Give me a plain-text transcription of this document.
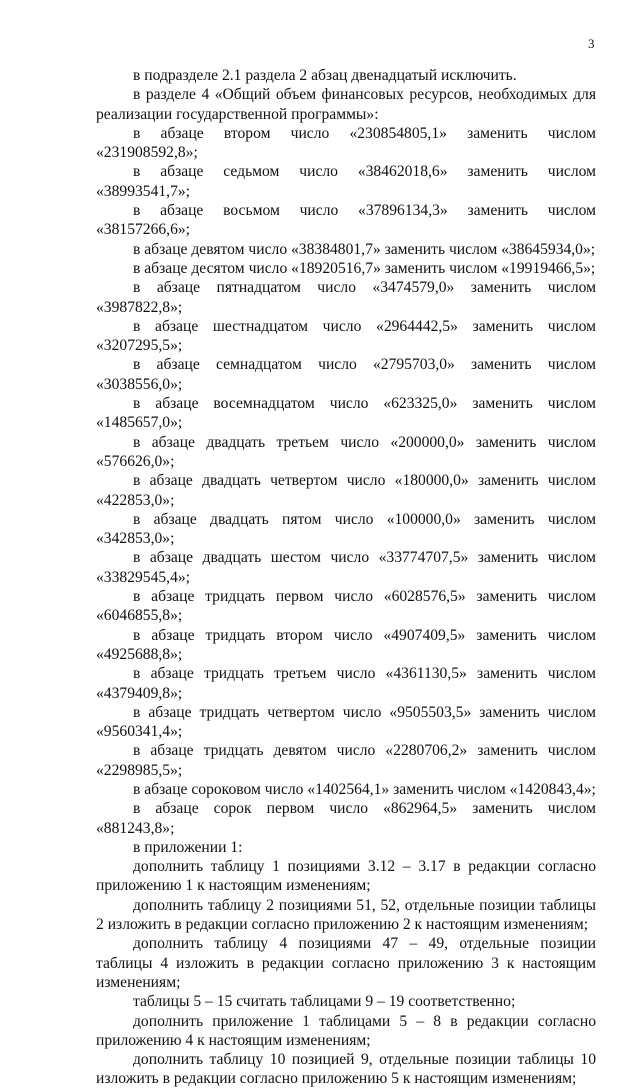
3

в подразделе 2.1 раздела 2 абзац двенадцатый исключить.

в разделе 4 «Общий объем финансовых ресурсов, необходимых для реализации государственной программы»:

в абзаце втором число «230854805,1» заменить числом «231908592,8»;

в абзаце седьмом число «38462018,6» заменить числом «38993541,7»;

в абзаце восьмом число «37896134,3» заменить числом «38157266,6»;

в абзаце девятом число «38384801,7» заменить числом «38645934,0»;

в абзаце десятом число «18920516,7» заменить числом «19919466,5»;

в абзаце пятнадцатом число «3474579,0» заменить числом «3987822,8»;

в абзаце шестнадцатом число «2964442,5» заменить числом «3207295,5»;

в абзаце семнадцатом число «2795703,0» заменить числом «3038556,0»;

в абзаце восемнадцатом число «623325,0» заменить числом «1485657,0»;

в абзаце двадцать третьем число «200000,0» заменить числом «576626,0»;

в абзаце двадцать четвертом число «180000,0» заменить числом «422853,0»;

в абзаце двадцать пятом число «100000,0» заменить числом «342853,0»;

в абзаце двадцать шестом число «33774707,5» заменить числом «33829545,4»;

в абзаце тридцать первом число «6028576,5» заменить числом «6046855,8»;

в абзаце тридцать втором число «4907409,5» заменить числом «4925688,8»;

в абзаце тридцать третьем число «4361130,5» заменить числом «4379409,8»;

в абзаце тридцать четвертом число «9505503,5» заменить числом «9560341,4»;

в абзаце тридцать девятом число «2280706,2» заменить числом «2298985,5»;

в абзаце сороковом число «1402564,1» заменить числом «1420843,4»;

в абзаце сорок первом число «862964,5» заменить числом «881243,8»;

в приложении 1:

дополнить таблицу 1 позициями 3.12 – 3.17 в редакции согласно приложению 1 к настоящим изменениям;

дополнить таблицу 2 позициями 51, 52, отдельные позиции таблицы 2 изложить в редакции согласно приложению 2 к настоящим изменениям;

дополнить таблицу 4 позициями 47 – 49, отдельные позиции таблицы 4 изложить в редакции согласно приложению 3 к настоящим изменениям;

таблицы 5 – 15 считать таблицами 9 – 19 соответственно;

дополнить приложение 1 таблицами 5 – 8 в редакции согласно приложению 4 к настоящим изменениям;

дополнить таблицу 10 позицией 9, отдельные позиции таблицы 10 изложить в редакции согласно приложению 5 к настоящим изменениям;
